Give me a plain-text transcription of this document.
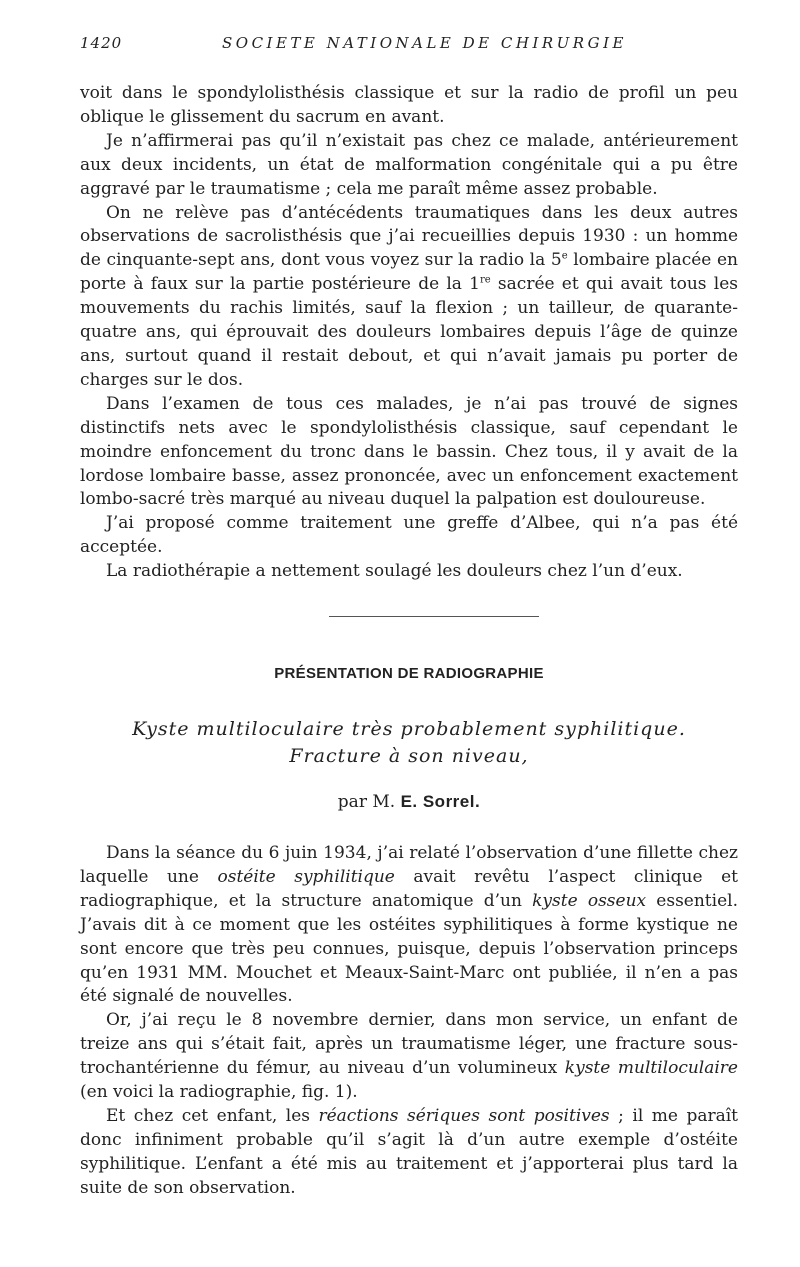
1420	SOCIETE NATIONALE DE CHIRURGIE

voit dans le spondylolisthésis classique et sur la radio de profil un peu oblique le glissement du sacrum en avant.

Je n’affirmerai pas qu’il n’existait pas chez ce malade, antérieurement aux deux incidents, un état de malformation congénitale qui a pu être aggravé par le traumatisme ; cela me paraît même assez probable.

On ne relève pas d’antécédents traumatiques dans les deux autres observations de sacrolisthésis que j’ai recueillies depuis 1930 : un homme de cinquante-sept ans, dont vous voyez sur la radio la 5e lombaire placée en porte à faux sur la partie postérieure de la 1re sacrée et qui avait tous les mouvements du rachis limités, sauf la flexion ; un tailleur, de quarante-quatre ans, qui éprouvait des douleurs lombaires depuis l’âge de quinze ans, surtout quand il restait debout, et qui n’avait jamais pu porter de charges sur le dos.

Dans l’examen de tous ces malades, je n’ai pas trouvé de signes distinctifs nets avec le spondylolisthésis classique, sauf cependant le moindre enfoncement du tronc dans le bassin. Chez tous, il y avait de la lordose lombaire basse, assez prononcée, avec un enfoncement exactement lombo-sacré très marqué au niveau duquel la palpation est douloureuse.

J’ai proposé comme traitement une greffe d’Albee, qui n’a pas été acceptée.

La radiothérapie a nettement soulagé les douleurs chez l’un d’eux.

PRÉSENTATION DE RADIOGRAPHIE
Kyste multiloculaire très probablement syphilitique.
Fracture à son niveau,
par M. E. Sorrel.

Dans la séance du 6 juin 1934, j’ai relaté l’observation d’une fillette chez laquelle une ostéite syphilitique avait revêtu l’aspect clinique et radiographique, et la structure anatomique d’un kyste osseux essentiel. J’avais dit à ce moment que les ostéites syphilitiques à forme kystique ne sont encore que très peu connues, puisque, depuis l’observation princeps qu’en 1931 MM. Mouchet et Meaux-Saint-Marc ont publiée, il n’en a pas été signalé de nouvelles.

Or, j’ai reçu le 8 novembre dernier, dans mon service, un enfant de treize ans qui s’était fait, après un traumatisme léger, une fracture sous-trochantérienne du fémur, au niveau d’un volumineux kyste multiloculaire (en voici la radiographie, fig. 1).

Et chez cet enfant, les réactions sériques sont positives ; il me paraît donc infiniment probable qu’il s’agit là d’un autre exemple d’ostéite syphilitique. L’enfant a été mis au traitement et j’apporterai plus tard la suite de son observation.
